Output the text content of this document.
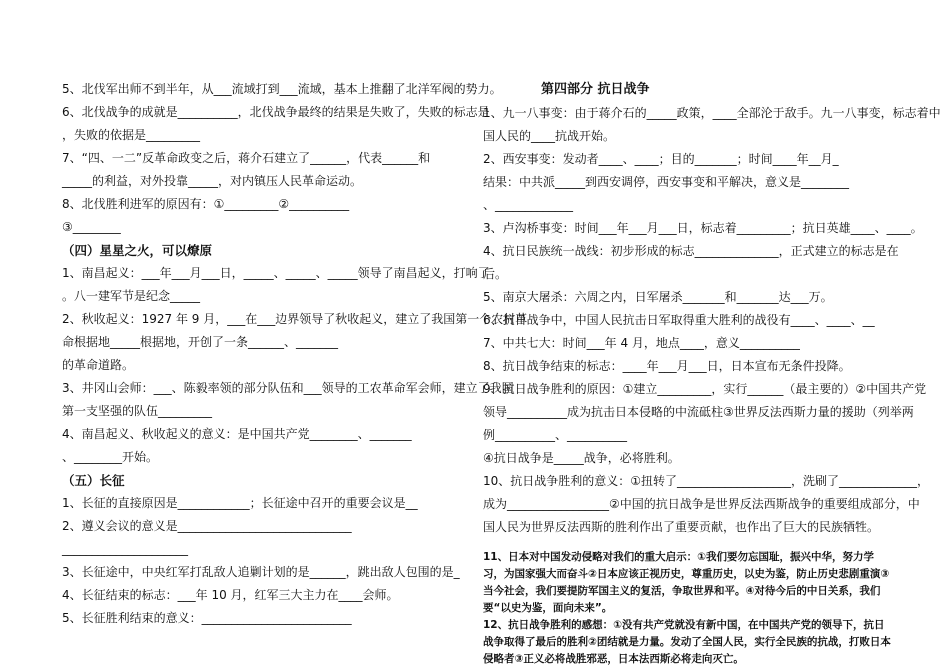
5、北伐军出师不到半年，从___流域打到___流域，基本上推翻了北洋军阀的势力。
6、北伐战争的成就是__________，北伐战争最终的结果是失败了，失败的标志是
，失败的依据是_________
7、“四、一二”反革命政变之后，蒋介石建立了______，代表______和
_____的利益，对外投靠_____，对内镇压人民革命运动。
8、北伐胜利进军的原因有：①_________②__________
③________
（四）星星之火，可以燎原
1、南昌起义：___年___月___日，_____、_____、_____领导了南昌起义，打响了
。八一建军节是纪念_____
2、秋收起义：1927 年 9 月，___在___边界领导了秋收起义，建立了我国第一个农村革
命根据地_____根据地，开创了一条______、_______
的革命道路。
3、井冈山会师：___、陈毅率领的部分队伍和___领导的工农革命军会师，建立了我国
第一支坚强的队伍_________
4、南昌起义、秋收起义的意义：是中国共产党________、_______
、________开始。
（五）长征
1、长征的直接原因是____________；长征途中召开的重要会议是__
2、遵义会议的意义是_____________________________
_____________________
3、长征途中，中央红军打乱敌人追剿计划的是______，跳出敌人包围的是_
4、长征结束的标志：___年 10 月，红军三大主力在____会师。
5、长征胜利结束的意义：_________________________
第四部分 抗日战争
1、九一八事变：由于蒋介石的_____政策，____全部沦于敌手。九一八事变，标志着中
国人民的____抗战开始。
2、西安事变：发动者____、____；目的_______；时间____年__月_
结果：中共派_____到西安调停，西安事变和平解决，意义是________
、_____________
3、卢沟桥事变：时间___年___月___日，标志着_________；抗日英雄____、____。
4、抗日民族统一战线：初步形成的标志______________，正式建立的标志是在
后。
5、南京大屠杀：六周之内，日军屠杀_______和_______达___万。
6、抗日战争中，中国人民抗击日军取得重大胜利的战役有____、____、__
7、中共七大：时间___年 4 月，地点____，意义__________
8、抗日战争结束的标志：____年___月___日，日本宣布无条件投降。
9、抗日战争胜利的原因：①建立_________，实行______（最主要的）②中国共产党
领导__________成为抗击日本侵略的中流砥柱③世界反法西斯力量的援助（列举两
例__________、__________
④抗日战争是_____战争，必将胜利。
10、抗日战争胜利的意义：①扭转了___________________，洗刷了_____________，
成为_________________②中国的抗日战争是世界反法西斯战争的重要组成部分，中
国人民为世界反法西斯的胜利作出了重要贡献，也作出了巨大的民族牺牲。
11、日本对中国发动侵略对我们的重大启示：①我们要勿忘国耻，振兴中华，努力学习，为国家强大而奋斗②日本应该正视历史，尊重历史，以史为鉴，防止历史悲剧重演③当今社会，我们要提防军国主义的复活，争取世界和平。④对待今后的中日关系，我们要“以史为鉴，面向未来”。
12、抗日战争胜利的感想：①没有共产党就没有新中国，在中国共产党的领导下，抗日战争取得了最后的胜利②团结就是力量。发动了全国人民，实行全民族的抗战，打败日本侵略者③正义必将战胜邪恶，日本法西斯必将走向灭亡。
